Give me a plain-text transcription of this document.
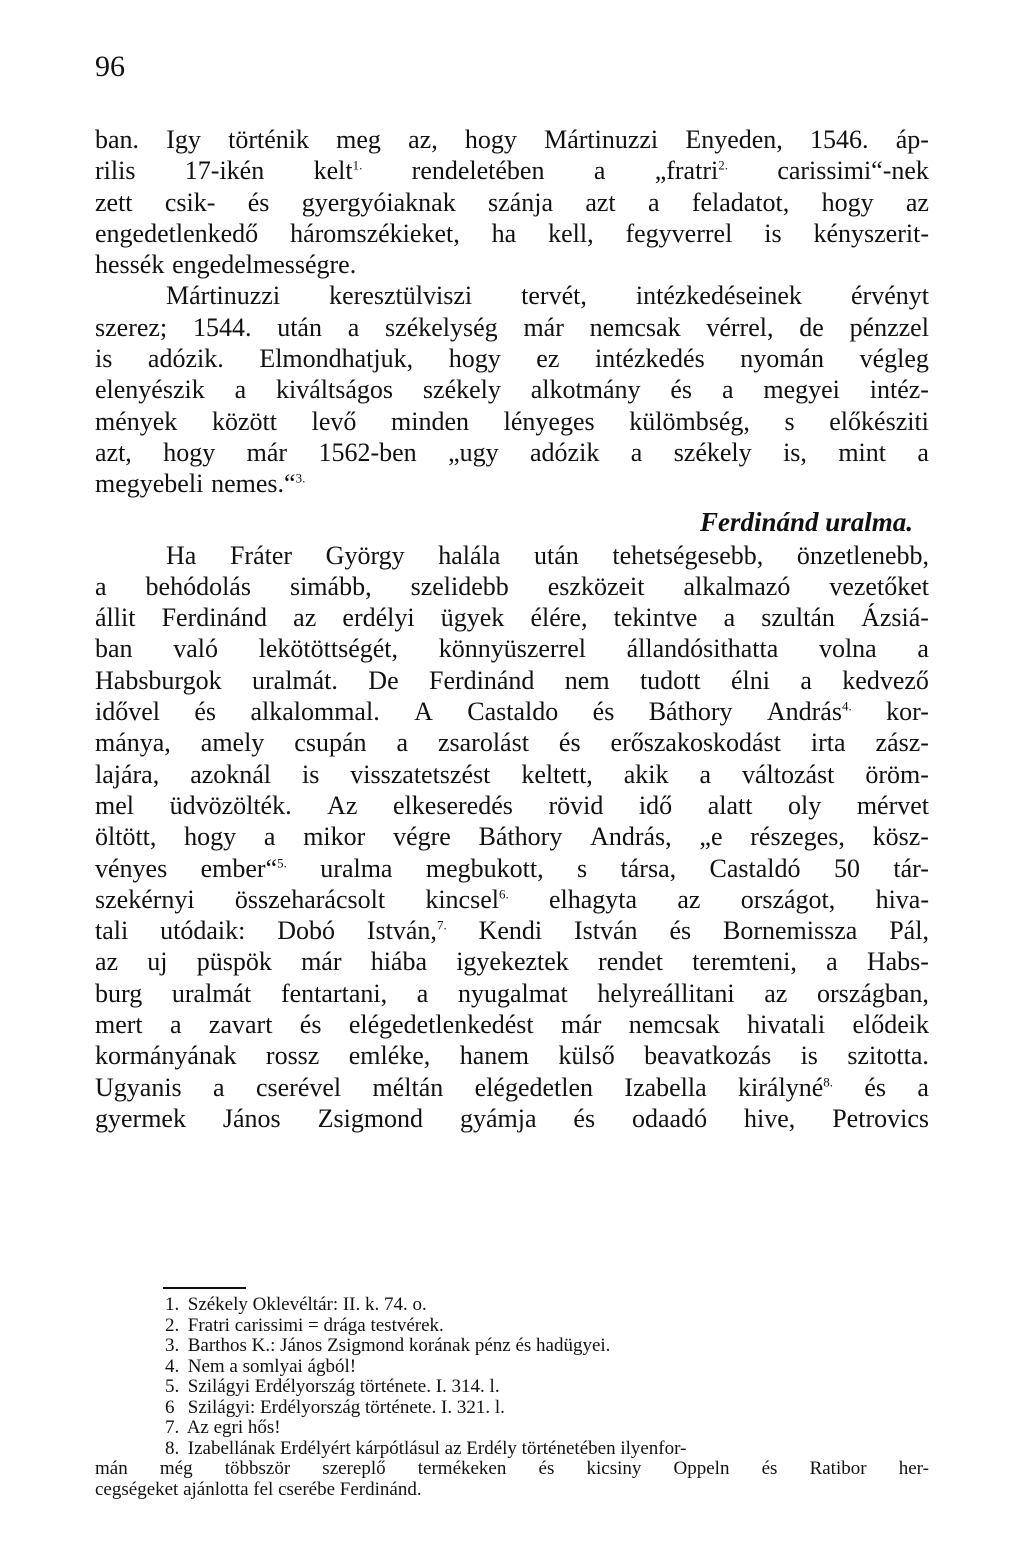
96
ban. Igy történik meg az, hogy Mártinuzzi Enyeden, 1546. áp-
rilis 17-ikén kelt$^{1.}$ rendeletében a „fratri$^{2.}$ carissimi“-nek
zett csik- és gyergyóiaknak szánja azt a feladatot, hogy az
engedetlenkedő háromszékieket, ha kell, fegyverrel is kényszerit-
hessék engedelmességre.
Mártinuzzi keresztülviszi tervét, intézkedéseinek érvényt
szerez; 1544. után a székelység már nemcsak vérrel, de pénzzel
is adózik. Elmondhatjuk, hogy ez intézkedés nyomán végleg
elenyészik a kiváltságos székely alkotmány és a megyei intéz-
mények között levő minden lényeges külömbség, s előkésziti
azt, hogy már 1562-ben „ugy adózik a székely is, mint a
megyebeli nemes.“$^{3.}$
Ferdinánd uralma.
Ha Fráter György halála után tehetségesebb, önzetlenebb,
a behódolás simább, szelidebb eszközeit alkalmazó vezetőket
állit Ferdinánd az erdélyi ügyek élére, tekintve a szultán Ázsiá-
ban való lekötöttségét, könnyüszerrel állandósithatta volna a
Habsburgok uralmát. De Ferdinánd nem tudott élni a kedvező
idővel és alkalommal. A Castaldo és Báthory András$^{4.}$ kor-
mánya, amely csupán a zsarolást és erőszakoskodást irta zász-
lajára, azoknál is visszatetszést keltett, akik a változást öröm-
mel üdvözölték. Az elkeseredés rövid idő alatt oly mérvet
öltött, hogy a mikor végre Báthory András, „e részeges, kösz-
vényes ember“$^{5.}$ uralma megbukott, s társa, Castaldó 50 tár-
szekérnyi összeharácsolt kincsel$^{6.}$ elhagyta az országot, hiva-
tali utódaik: Dobó István,$^{7.}$ Kendi István és Bornemissza Pál,
az uj püspök már hiába igyekeztek rendet teremteni, a Habs-
burg uralmát fentartani, a nyugalmat helyreállitani az országban,
mert a zavart és elégedetlenkedést már nemcsak hivatali elődeik
kormányának rossz emléke, hanem külső beavatkozás is szitotta.
Ugyanis a cserével méltán elégedetlen Izabella királyné$^{8.}$ és a
gyermek János Zsigmond gyámja és odaadó hive, Petrovics
1. Székely Oklevéltár: II. k. 74. o.
2. Fratri carissimi = drága testvérek.
3. Barthos K.: János Zsigmond korának pénz és hadügyei.
4. Nem a somlyai ágból!
5. Szilágyi Erdélyország története. I. 314. l.
6 Szilágyi: Erdélyország története. I. 321. l.
7. Az egri hős!
8. Izabellának Erdélyért kárpótlásul az Erdély történetében ilyenfor-
mán még többször szereplő termékeken és kicsiny Oppeln és Ratibor her-
cegségeket ajánlotta fel cserébe Ferdinánd.
